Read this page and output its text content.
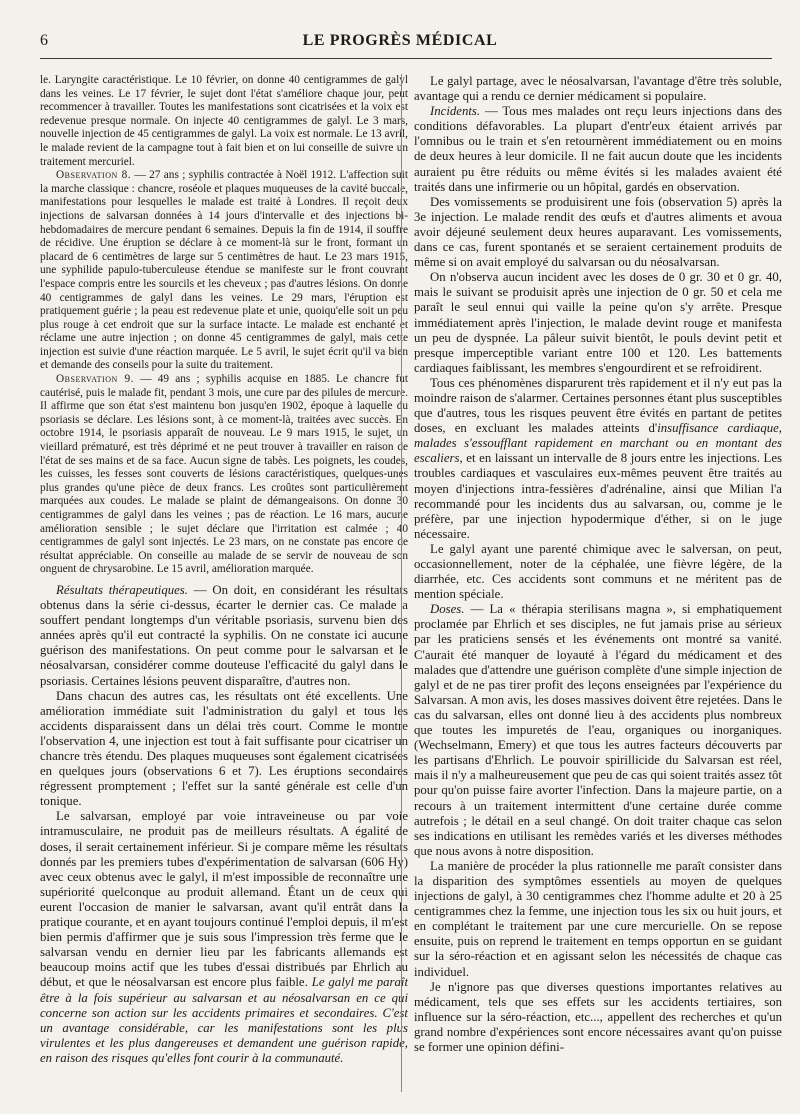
6	LE PROGRÈS MÉDICAL

le. Laryngite caractéristique. Le 10 février, on donne 40 centigrammes de galyl dans les veines. Le 17 février, le sujet dont l'état s'améliore chaque jour, peut recommencer à travailler. Toutes les manifestations sont cicatrisées et la voix est redevenue presque normale. On injecte 40 centigrammes de galyl. Le 3 mars, nouvelle injection de 45 centigrammes de galyl. La voix est normale. Le 13 avril, le malade revient de la campagne tout à fait bien et on lui conseille de suivre un traitement mercuriel.

Observation 8. — 27 ans ; syphilis contractée à Noël 1912. L'affection suit la marche classique : chancre, roséole et plaques muqueuses de la cavité buccale, manifestations pour lesquelles le malade est traité à Londres. Il reçoit deux injections de salvarsan données à 14 jours d'intervalle et des injections bi-hebdomadaires de mercure pendant 6 semaines. Depuis la fin de 1914, il souffre de récidive. Une éruption se déclare à ce moment-là sur le front, formant un placard de 6 centimètres de large sur 5 centimètres de haut. Le 23 mars 1915, une syphilide papulo-tuberculeuse étendue se manifeste sur le front couvrant l'espace compris entre les sourcils et les cheveux ; pas d'autres lésions. On donne 40 centigrammes de galyl dans les veines. Le 29 mars, l'éruption est pratiquement guérie ; la peau est redevenue plate et unie, quoiqu'elle soit un peu plus rouge à cet endroit que sur la surface intacte. Le malade est enchanté et réclame une autre injection ; on donne 45 centigrammes de galyl, mais cette injection est suivie d'une réaction marquée. Le 5 avril, le sujet écrit qu'il va bien et demande des conseils pour la suite du traitement.

Observation 9. — 49 ans ; syphilis acquise en 1885. Le chancre fut cautérisé, puis le malade fit, pendant 3 mois, une cure par des pilules de mercure. Il affirme que son état s'est maintenu bon jusqu'en 1902, époque à laquelle du psoriasis se déclare. Les lésions sont, à ce moment-là, traitées avec succès. En octobre 1914, le psoriasis apparaît de nouveau. Le 9 mars 1915, le sujet, un vieillard prématuré, est très déprimé et ne peut trouver à travailler en raison de l'état de ses mains et de sa face. Aucun signe de tabès. Les poignets, les coudes, les cuisses, les fesses sont couverts de lésions caractéristiques, quelques-unes plus grandes qu'une pièce de deux francs. Les croûtes sont particulièrement marquées aux coudes. Le malade se plaint de démangeaisons. On donne 30 centigrammes de galyl dans les veines ; pas de réaction. Le 16 mars, aucune amélioration sensible ; le sujet déclare que l'irritation est calmée ; 40 centigrammes de galyl sont injectés. Le 23 mars, on ne constate pas encore de résultat appréciable. On conseille au malade de se servir de nouveau de son onguent de chrysarobine. Le 15 avril, amélioration marquée.

Résultats thérapeutiques. — On doit, en considérant les résultats obtenus dans la série ci-dessus, écarter le dernier cas. Ce malade a souffert pendant longtemps d'un véritable psoriasis, survenu bien des années après qu'il eut contracté la syphilis. On ne constate ici aucune guérison des manifestations. On peut comme pour le salvarsan et le néosalvarsan, considérer comme douteuse l'efficacité du galyl dans le psoriasis. Certaines lésions peuvent disparaître, d'autres non.

Dans chacun des autres cas, les résultats ont été excellents. Une amélioration immédiate suit l'administration du galyl et tous les accidents disparaissent dans un délai très court. Comme le montre l'observation 4, une injection est tout à fait suffisante pour cicatriser un chancre très étendu. Des plaques muqueuses sont également cicatrisées en quelques jours (observations 6 et 7). Les éruptions secondaires régressent promptement ; l'effet sur la santé générale est celle d'un tonique.

Le salvarsan, employé par voie intraveineuse ou par voie intramusculaire, ne produit pas de meilleurs résultats. A égalité de doses, il serait certainement inférieur. Si je compare même les résultats donnés par les premiers tubes d'expérimentation de salvarsan (606 Hy) avec ceux obtenus avec le galyl, il m'est impossible de reconnaître une supériorité quelconque au produit allemand. Étant un de ceux qui eurent l'occasion de manier le salvarsan, avant qu'il entrât dans la pratique courante, et en ayant toujours continué l'emploi depuis, il m'est bien permis d'affirmer que je suis sous l'impression très ferme que le salvarsan vendu en dernier lieu par les fabricants allemands est beaucoup moins actif que les tubes d'essai distribués par Ehrlich au début, et que le néosalvarsan est encore plus faible. Le galyl me paraît être à la fois supérieur au salvarsan et au néosalvarsan en ce qui concerne son action sur les accidents primaires et secondaires. C'est un avantage considérable, car les manifestations sont les plus virulentes et les plus dangereuses et demandent une guérison rapide, en raison des risques qu'elles font courir à la communauté.

Le galyl partage, avec le néosalvarsan, l'avantage d'être très soluble, avantage qui a rendu ce dernier médicament si populaire.

Incidents. — Tous mes malades ont reçu leurs injections dans des conditions défavorables. La plupart d'entr'eux étaient arrivés par l'omnibus ou le train et s'en retournèrent immédiatement ou en moins de deux heures à leur domicile. Il ne fait aucun doute que les incidents auraient pu être réduits ou même évités si les malades avaient été traités dans une infirmerie ou un hôpital, gardés en observation.

Des vomissements se produisirent une fois (observation 5) après la 3e injection. Le malade rendit des œufs et d'autres aliments et avoua avoir déjeuné seulement deux heures auparavant. Les vomissements, dans ce cas, furent spontanés et se seraient certainement produits de même si on avait employé du salvarsan ou du néosalvarsan.

On n'observa aucun incident avec les doses de 0 gr. 30 et 0 gr. 40, mais le suivant se produisit après une injection de 0 gr. 50 et cela me paraît le seul ennui qui vaille la peine qu'on s'y arrête. Presque immédiatement après l'injection, le malade devint rouge et manifesta un peu de dyspnée. La pâleur suivit bientôt, le pouls devint petit et presque imperceptible variant entre 100 et 120. Les battements cardiaques faiblissant, les membres s'engourdirent et se refroidirent.

Tous ces phénomènes disparurent très rapidement et il n'y eut pas la moindre raison de s'alarmer. Certaines personnes étant plus susceptibles que d'autres, tous les risques peuvent être évités en partant de petites doses, en excluant les malades atteints d'insuffisance cardiaque, malades s'essoufflant rapidement en marchant ou en montant des escaliers, et en laissant un intervalle de 8 jours entre les injections. Les troubles cardiaques et vasculaires eux-mêmes peuvent être traités au moyen d'injections intra-fessières d'adrénaline, ainsi que Milian l'a recommandé pour les incidents dus au salvarsan, ou, comme je le préfère, par une injection hypodermique d'éther, si on le juge nécessaire.

Le galyl ayant une parenté chimique avec le salversan, on peut, occasionnellement, noter de la céphalée, une fièvre légère, de la diarrhée, etc. Ces accidents sont communs et ne méritent pas de mention spéciale.

Doses. — La « thérapia sterilisans magna », si emphatiquement proclamée par Ehrlich et ses disciples, ne fut jamais prise au sérieux par les praticiens sensés et les événements ont montré sa vanité. C'aurait été manquer de loyauté à l'égard du médicament et des malades que d'attendre une guérison complète d'une simple injection de galyl et de ne pas tirer profit des leçons enseignées par l'expérience du Salvarsan. A mon avis, les doses massives doivent être rejetées. Dans le cas du salvarsan, elles ont donné lieu à des accidents plus nombreux que toutes les impuretés de l'eau, organiques ou inorganiques. (Wechselmann, Emery) et que tous les autres facteurs découverts par les partisans d'Ehrlich. Le pouvoir spirillicide du Salvarsan est réel, mais il n'y a malheureusement que peu de cas qui soient traités assez tôt pour qu'on puisse faire avorter l'infection. Dans la majeure partie, on a recours à un traitement intermittent d'une certaine durée comme autrefois ; le détail en a seul changé. On doit traiter chaque cas selon ses indications en utilisant les remèdes variés et les diverses méthodes que nous avons à notre disposition.

La manière de procéder la plus rationnelle me paraît consister dans la disparition des symptômes essentiels au moyen de quelques injections de galyl, à 30 centigrammes chez l'homme adulte et 20 à 25 centigrammes chez la femme, une injection tous les six ou huit jours, et en complétant le traitement par une cure mercurielle. On se repose ensuite, puis on reprend le traitement en temps opportun en se guidant sur la séro-réaction et en agissant selon les nécessités de chaque cas individuel.

Je n'ignore pas que diverses questions importantes relatives au médicament, tels que ses effets sur les accidents tertiaires, son influence sur la séro-réaction, etc..., appellent des recherches et qu'un grand nombre d'expériences sont encore nécessaires avant qu'on puisse se former une opinion défini-
